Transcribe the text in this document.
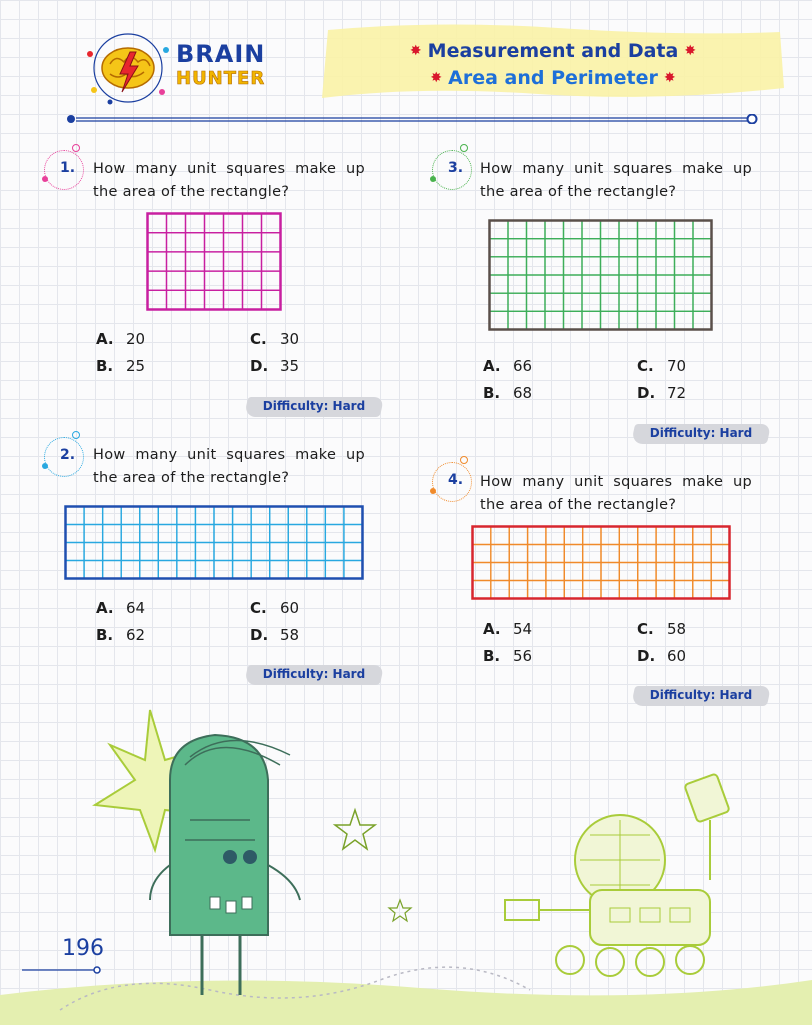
BRAIN
HUNTER
✸ Measurement and Data ✸
✸ Area and Perimeter ✸
1. How many unit squares make up the area of the rectangle?
A. 20
B. 25
C. 30
D. 35
Difficulty: Hard
2. How many unit squares make up the area of the rectangle?
A. 64
B. 62
C. 60
D. 58
Difficulty: Hard
3. How many unit squares make up the area of the rectangle?
A. 66
B. 68
C. 70
D. 72
Difficulty: Hard
4. How many unit squares make up the area of the rectangle?
A. 54
B. 56
C. 58
D. 60
Difficulty: Hard
196
